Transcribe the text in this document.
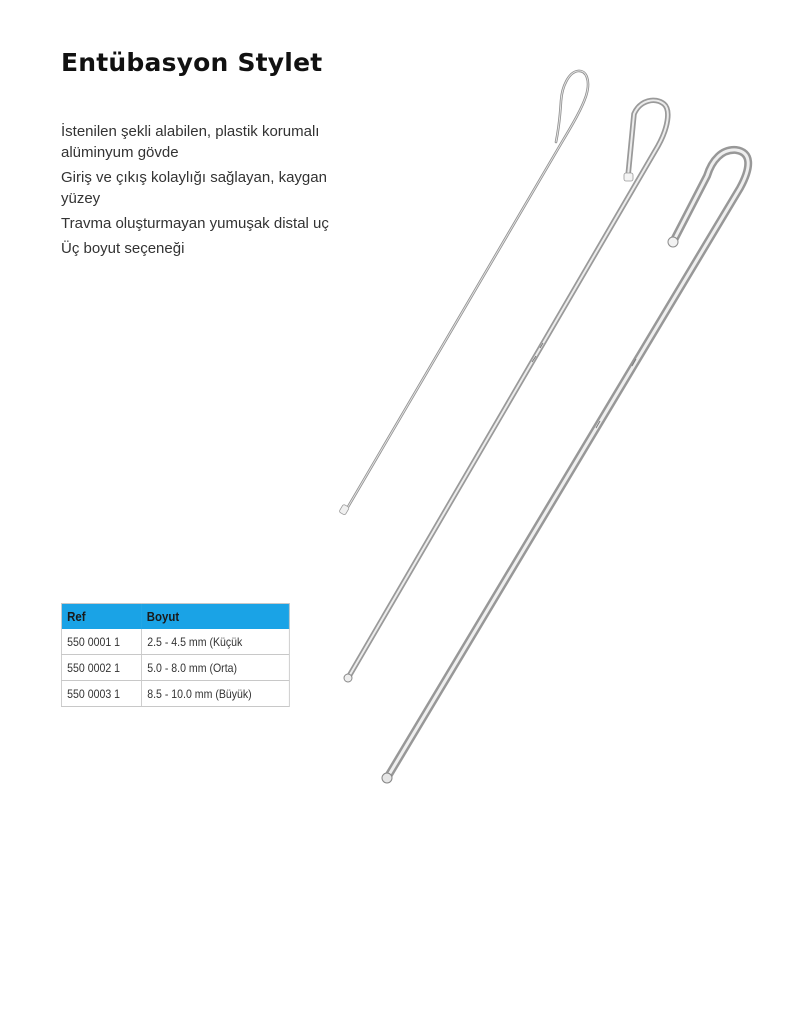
Entübasyon Stylet
İstenilen şekli alabilen, plastik korumalı alüminyum gövde
Giriş ve çıkış kolaylığı sağlayan, kaygan yüzey
Travma oluşturmayan yumuşak distal uç
Üç boyut seçeneği
Ref	Boyut
550 0001 1	2.5 - 4.5 mm (Küçük
550 0002 1	5.0 - 8.0 mm (Orta)
550 0003 1	8.5 - 10.0 mm (Büyük)
